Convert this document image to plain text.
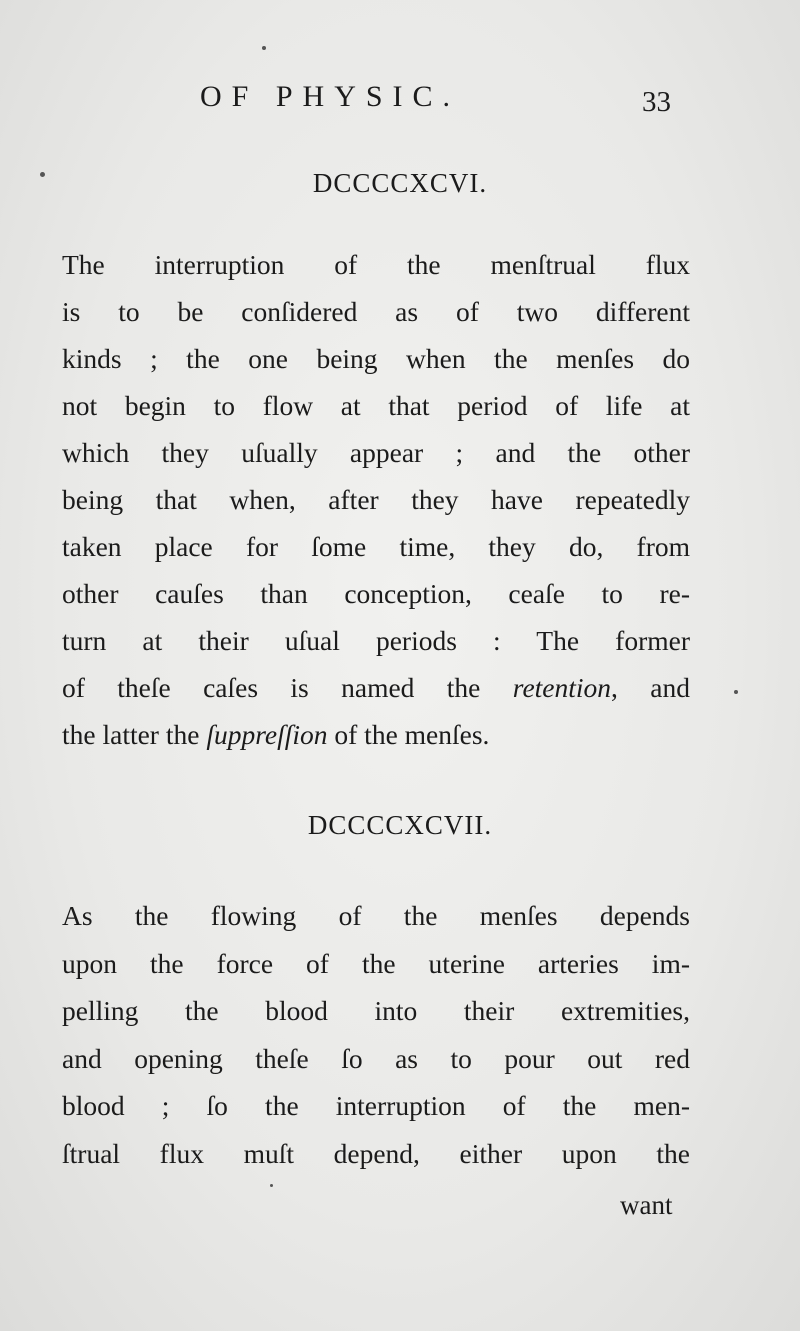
OF PHYSIC.	33
DCCCCXCVI.
The interruption of the menſtrual flux
is to be conſidered as of two different
kinds ; the one being when the menſes do
not begin to flow at that period of life at
which they uſually appear ; and the other
being that when, after they have repeatedly
taken place for ſome time, they do, from
other cauſes than conception, ceaſe to re-
turn at their uſual periods : The former
of theſe caſes is named the retention, and
the latter the ſuppreſſion of the menſes.
DCCCCXCVII.
As the flowing of the menſes depends
upon the force of the uterine arteries im-
pelling the blood into their extremities,
and opening theſe ſo as to pour out red
blood ; ſo the interruption of the men-
ſtrual flux muſt depend, either upon the
want
